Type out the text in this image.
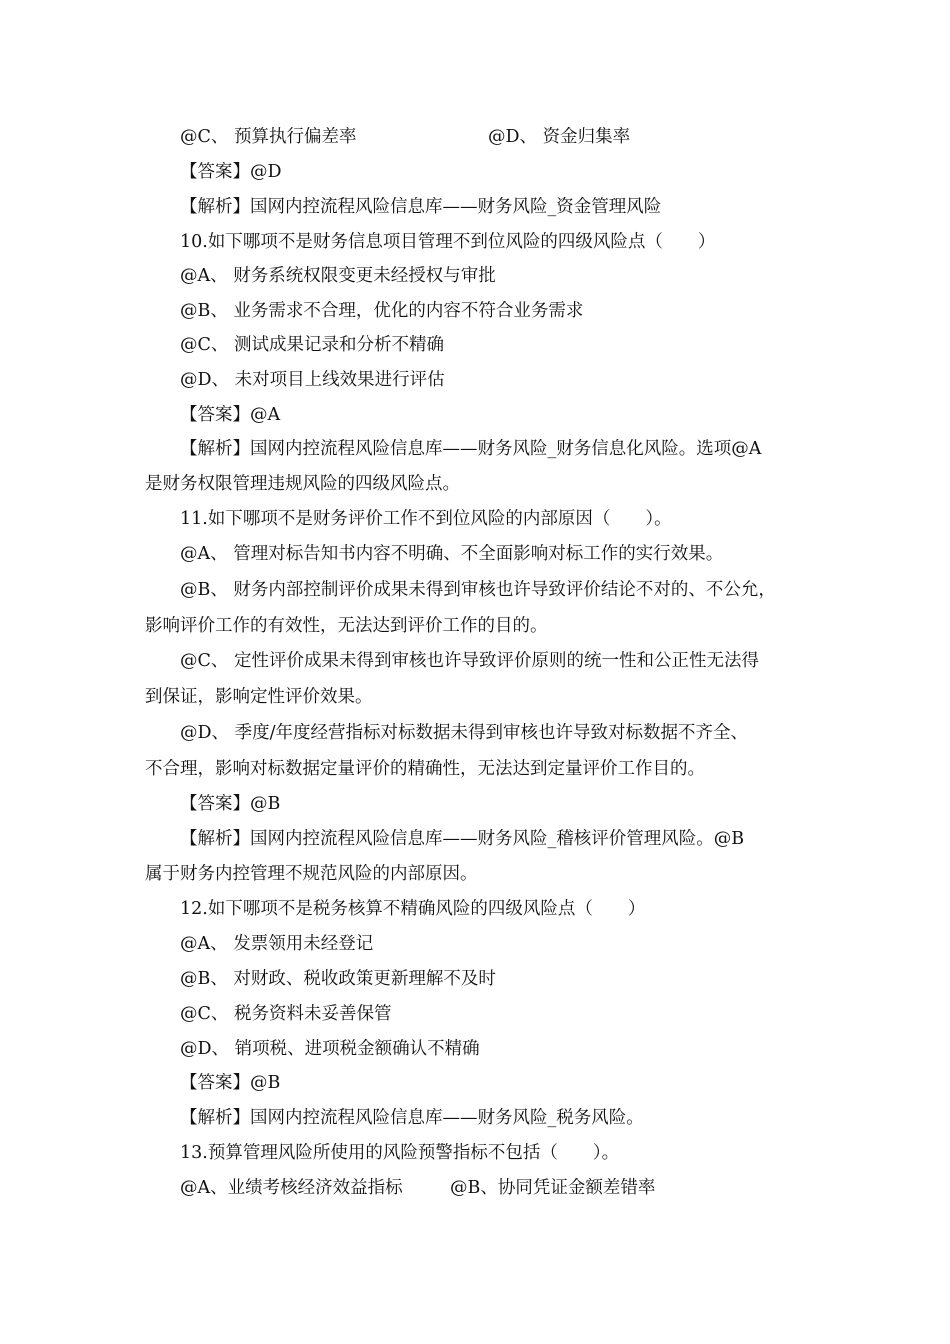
@C、 预算执行偏差率	@D、 资金归集率
【答案】@D
【解析】国网内控流程风险信息库——财务风险_资金管理风险
10.如下哪项不是财务信息项目管理不到位风险的四级风险点（　　）
@A、 财务系统权限变更未经授权与审批
@B、 业务需求不合理，优化的内容不符合业务需求
@C、 测试成果记录和分析不精确
@D、 未对项目上线效果进行评估
【答案】@A
【解析】国网内控流程风险信息库——财务风险_财务信息化风险。选项@A
是财务权限管理违规风险的四级风险点。
11.如下哪项不是财务评价工作不到位风险的内部原因（　　）。
@A、 管理对标告知书内容不明确、不全面影响对标工作的实行效果。
@B、 财务内部控制评价成果未得到审核也许导致评价结论不对的、不公允，
影响评价工作的有效性，无法达到评价工作的目的。
@C、 定性评价成果未得到审核也许导致评价原则的统一性和公正性无法得
到保证，影响定性评价效果。
@D、 季度/年度经营指标对标数据未得到审核也许导致对标数据不齐全、
不合理，影响对标数据定量评价的精确性，无法达到定量评价工作目的。
【答案】@B
【解析】国网内控流程风险信息库——财务风险_稽核评价管理风险。@B
属于财务内控管理不规范风险的内部原因。
12.如下哪项不是税务核算不精确风险的四级风险点（　　）
@A、 发票领用未经登记
@B、 对财政、税收政策更新理解不及时
@C、 税务资料未妥善保管
@D、 销项税、进项税金额确认不精确
【答案】@B
【解析】国网内控流程风险信息库——财务风险_税务风险。
13.预算管理风险所使用的风险预警指标不包括（　　）。
@A、业绩考核经济效益指标	@B、协同凭证金额差错率
